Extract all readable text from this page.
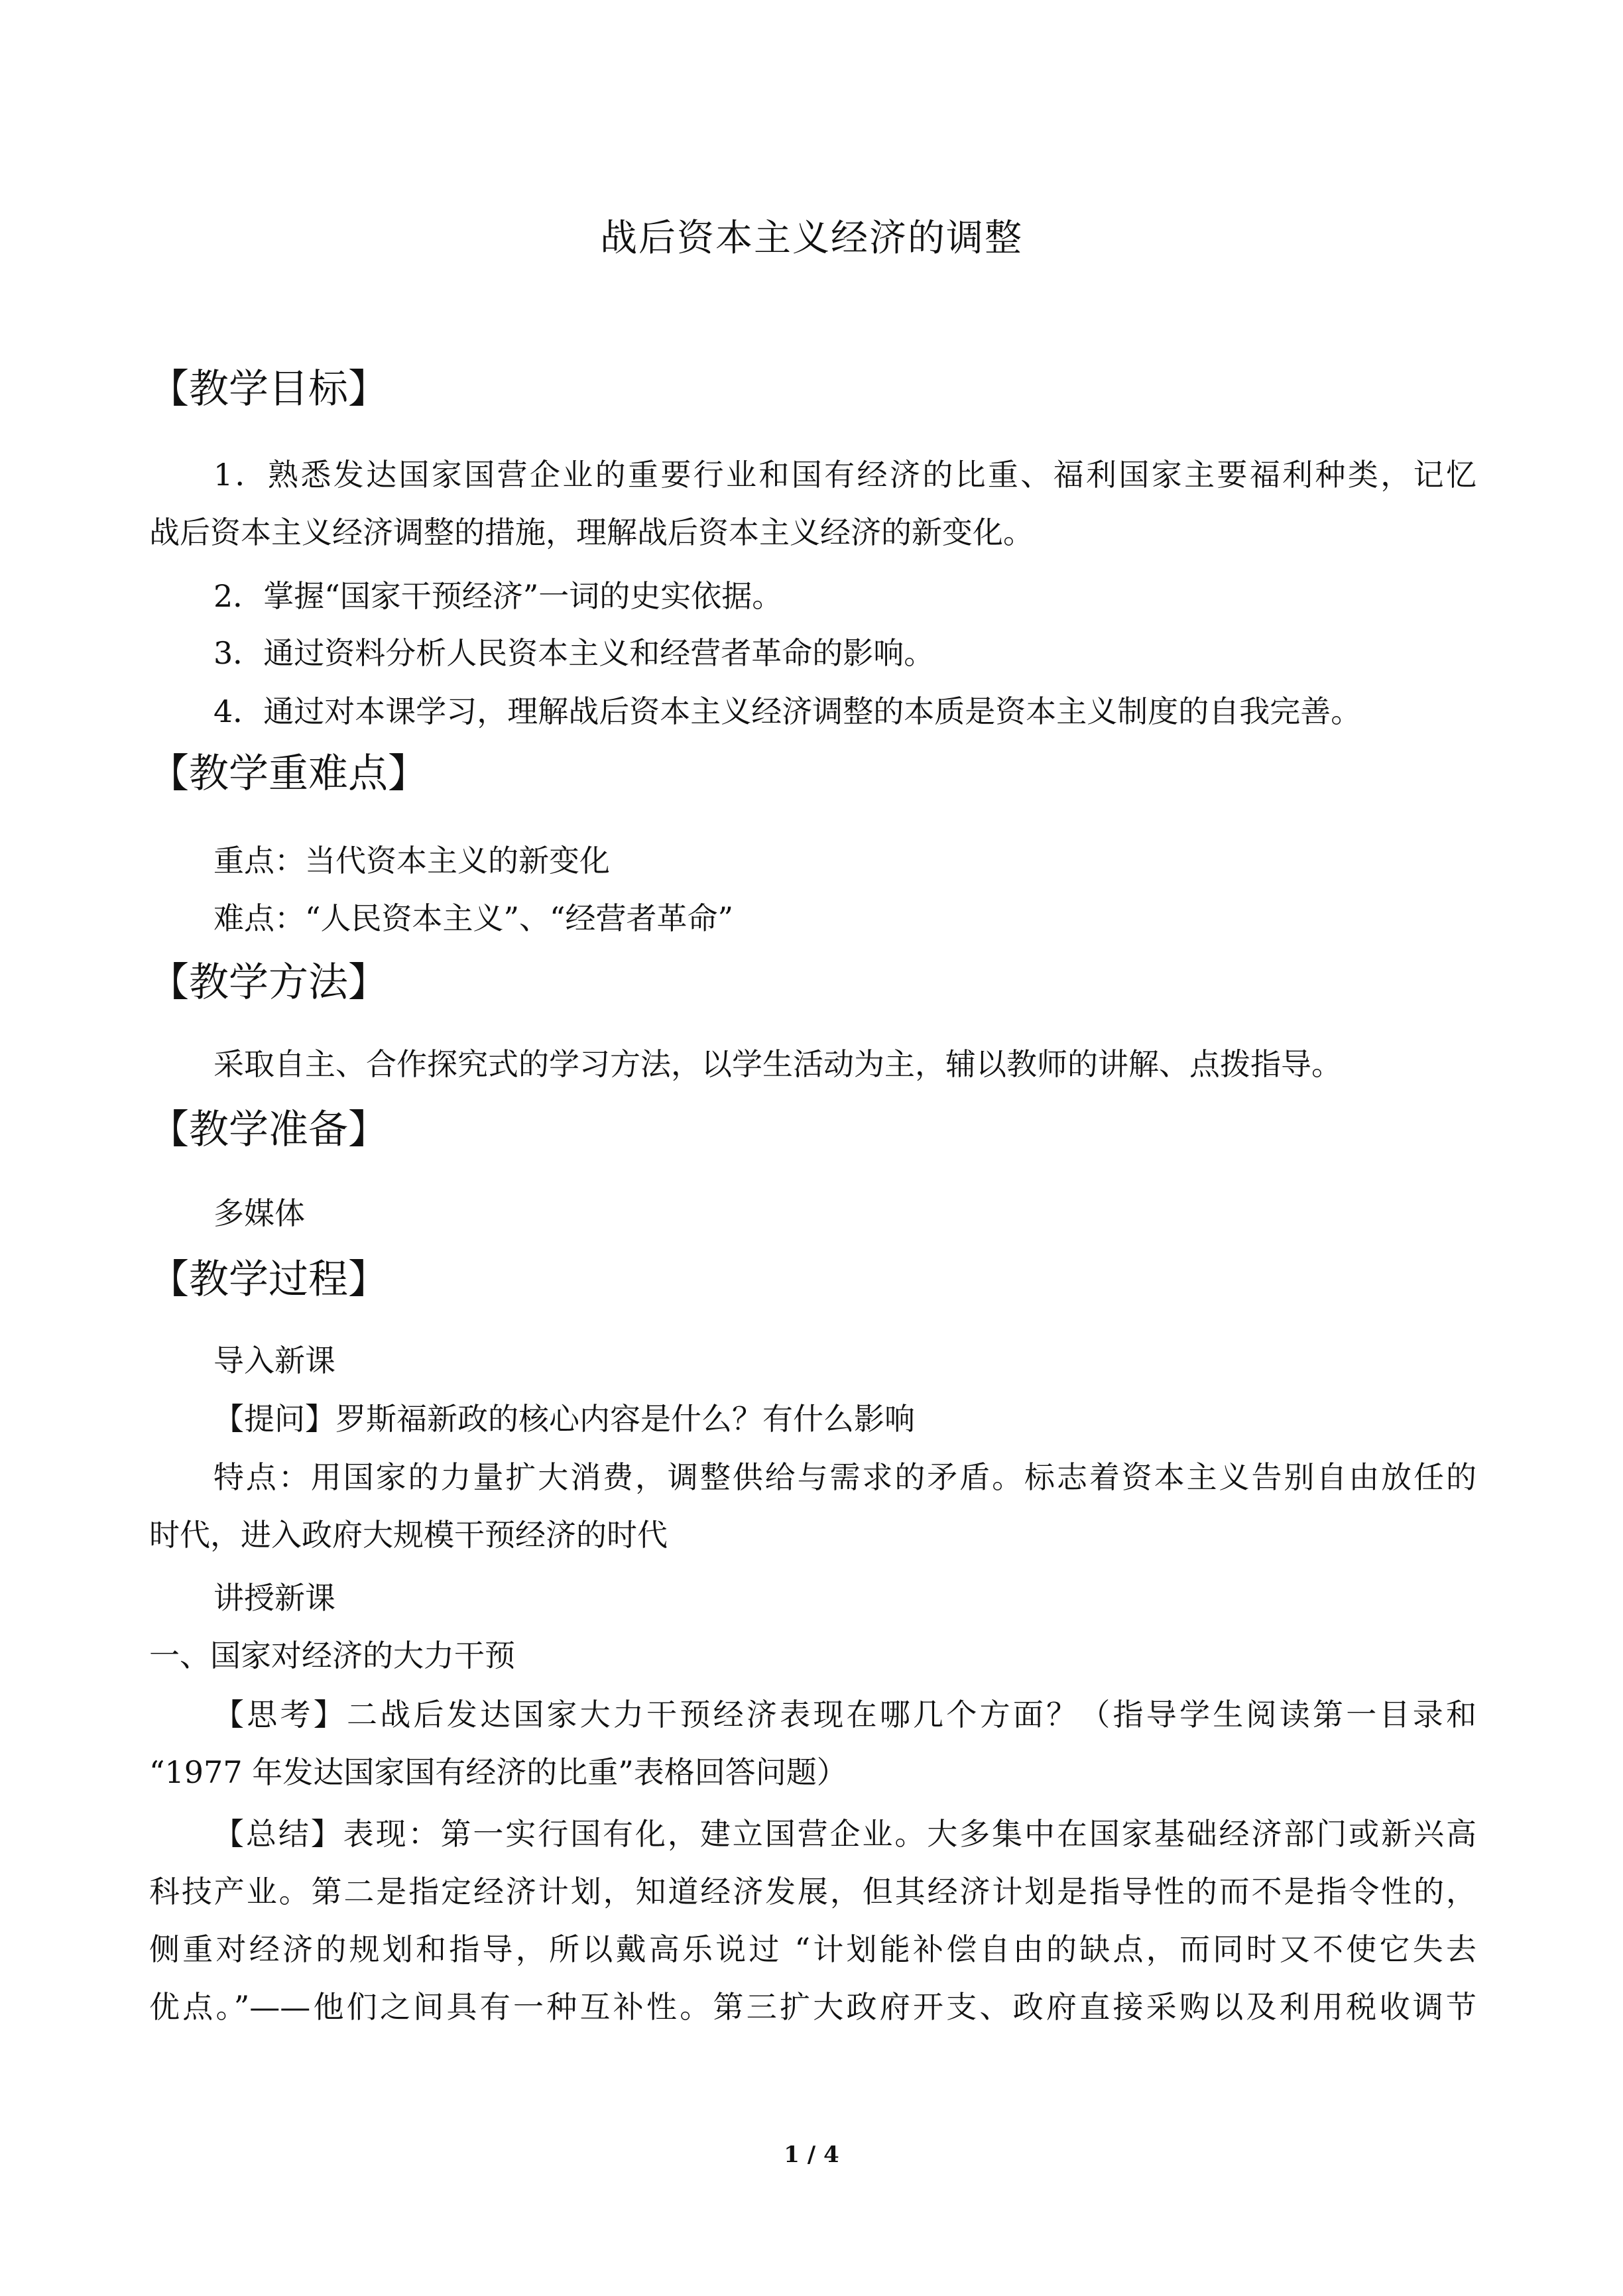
战后资本主义经济的调整
【教学目标】
1．熟悉发达国家国营企业的重要行业和国有经济的比重、福利国家主要福利种类，记忆
战后资本主义经济调整的措施，理解战后资本主义经济的新变化。
2．掌握“国家干预经济”一词的史实依据。
3．通过资料分析人民资本主义和经营者革命的影响。
4．通过对本课学习，理解战后资本主义经济调整的本质是资本主义制度的自我完善。
【教学重难点】
重点：当代资本主义的新变化
难点：“人民资本主义”、“经营者革命”
【教学方法】
采取自主、合作探究式的学习方法，以学生活动为主，辅以教师的讲解、点拨指导。
【教学准备】
多媒体
【教学过程】
导入新课
【提问】罗斯福新政的核心内容是什么？有什么影响
特点：用国家的力量扩大消费，调整供给与需求的矛盾。标志着资本主义告别自由放任的
时代，进入政府大规模干预经济的时代
讲授新课
一、国家对经济的大力干预
【思考】二战后发达国家大力干预经济表现在哪几个方面？（指导学生阅读第一目录和
“1977 年发达国家国有经济的比重”表格回答问题）
【总结】表现：第一实行国有化，建立国营企业。大多集中在国家基础经济部门或新兴高
科技产业。第二是指定经济计划，知道经济发展，但其经济计划是指导性的而不是指令性的，
侧重对经济的规划和指导，所以戴高乐说过 “计划能补偿自由的缺点，而同时又不使它失去
优点。”——他们之间具有一种互补性。第三扩大政府开支、政府直接采购以及利用税收调节
1 / 4
